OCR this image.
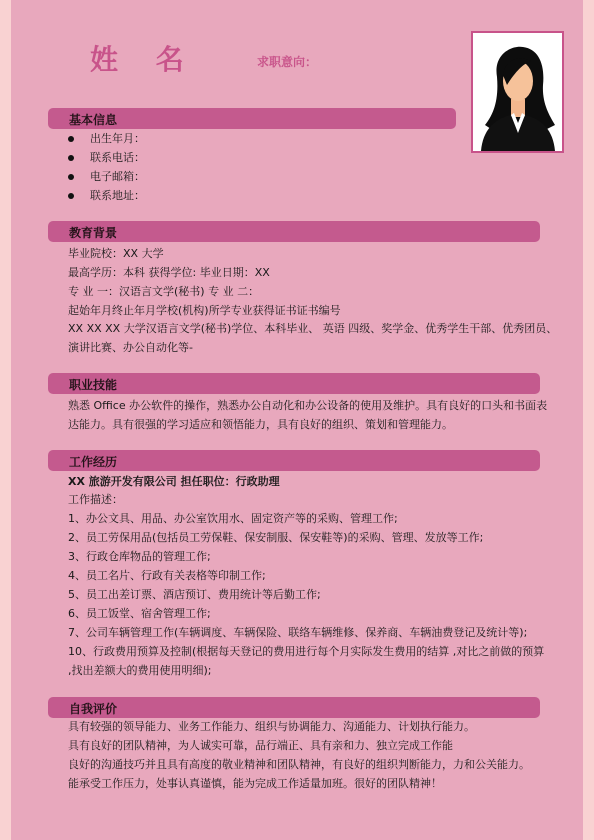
姓 名	求职意向：
基本信息
出生年月：
联系电话：
电子邮箱：
联系地址：
教育背景
毕业院校：XX 大学
最高学历：本科 获得学位: 毕业日期：XX
专 业 一：汉语言文学(秘书) 专 业 二：
起始年月终止年月学校(机构)所学专业获得证书证书编号
XX XX XX 大学汉语言文学(秘书)学位、本科毕业、 英语 四级、奖学金、优秀学生干部、优秀团员、
演讲比赛、办公自动化等-
职业技能
熟悉 Office 办公软件的操作，熟悉办公自动化和办公设备的使用及维护。具有良好的口头和书面表达能力。具有很强的学习适应和领悟能力，具有良好的组织、策划和管理能力。
工作经历
XX 旅游开发有限公司 担任职位：行政助理
工作描述：
1、办公文具、用品、办公室饮用水、固定资产等的采购、管理工作;
2、员工劳保用品(包括员工劳保鞋、保安制服、保安鞋等)的采购、管理、发放等工作;
3、行政仓库物品的管理工作;
4、员工名片、行政有关表格等印制工作;
5、员工出差订票、酒店预订、费用统计等后勤工作;
6、员工饭堂、宿舍管理工作;
7、公司车辆管理工作(车辆调度、车辆保险、联络车辆维修、保养商、车辆油费登记及统计等);
10、行政费用预算及控制(根据每天登记的费用进行每个月实际发生费用的结算 ,对比之前做的预算 ,找出差额大的费用使用明细);
自我评价
具有较强的领导能力、业务工作能力、组织与协调能力、沟通能力、计划执行能力。
具有良好的团队精神，为人诚实可靠，品行端正、具有亲和力、独立完成工作能
良好的沟通技巧并且具有高度的敬业精神和团队精神，有良好的组织判断能力，力和公关能力。
能承受工作压力，处事认真谨慎，能为完成工作适量加班。很好的团队精神！
